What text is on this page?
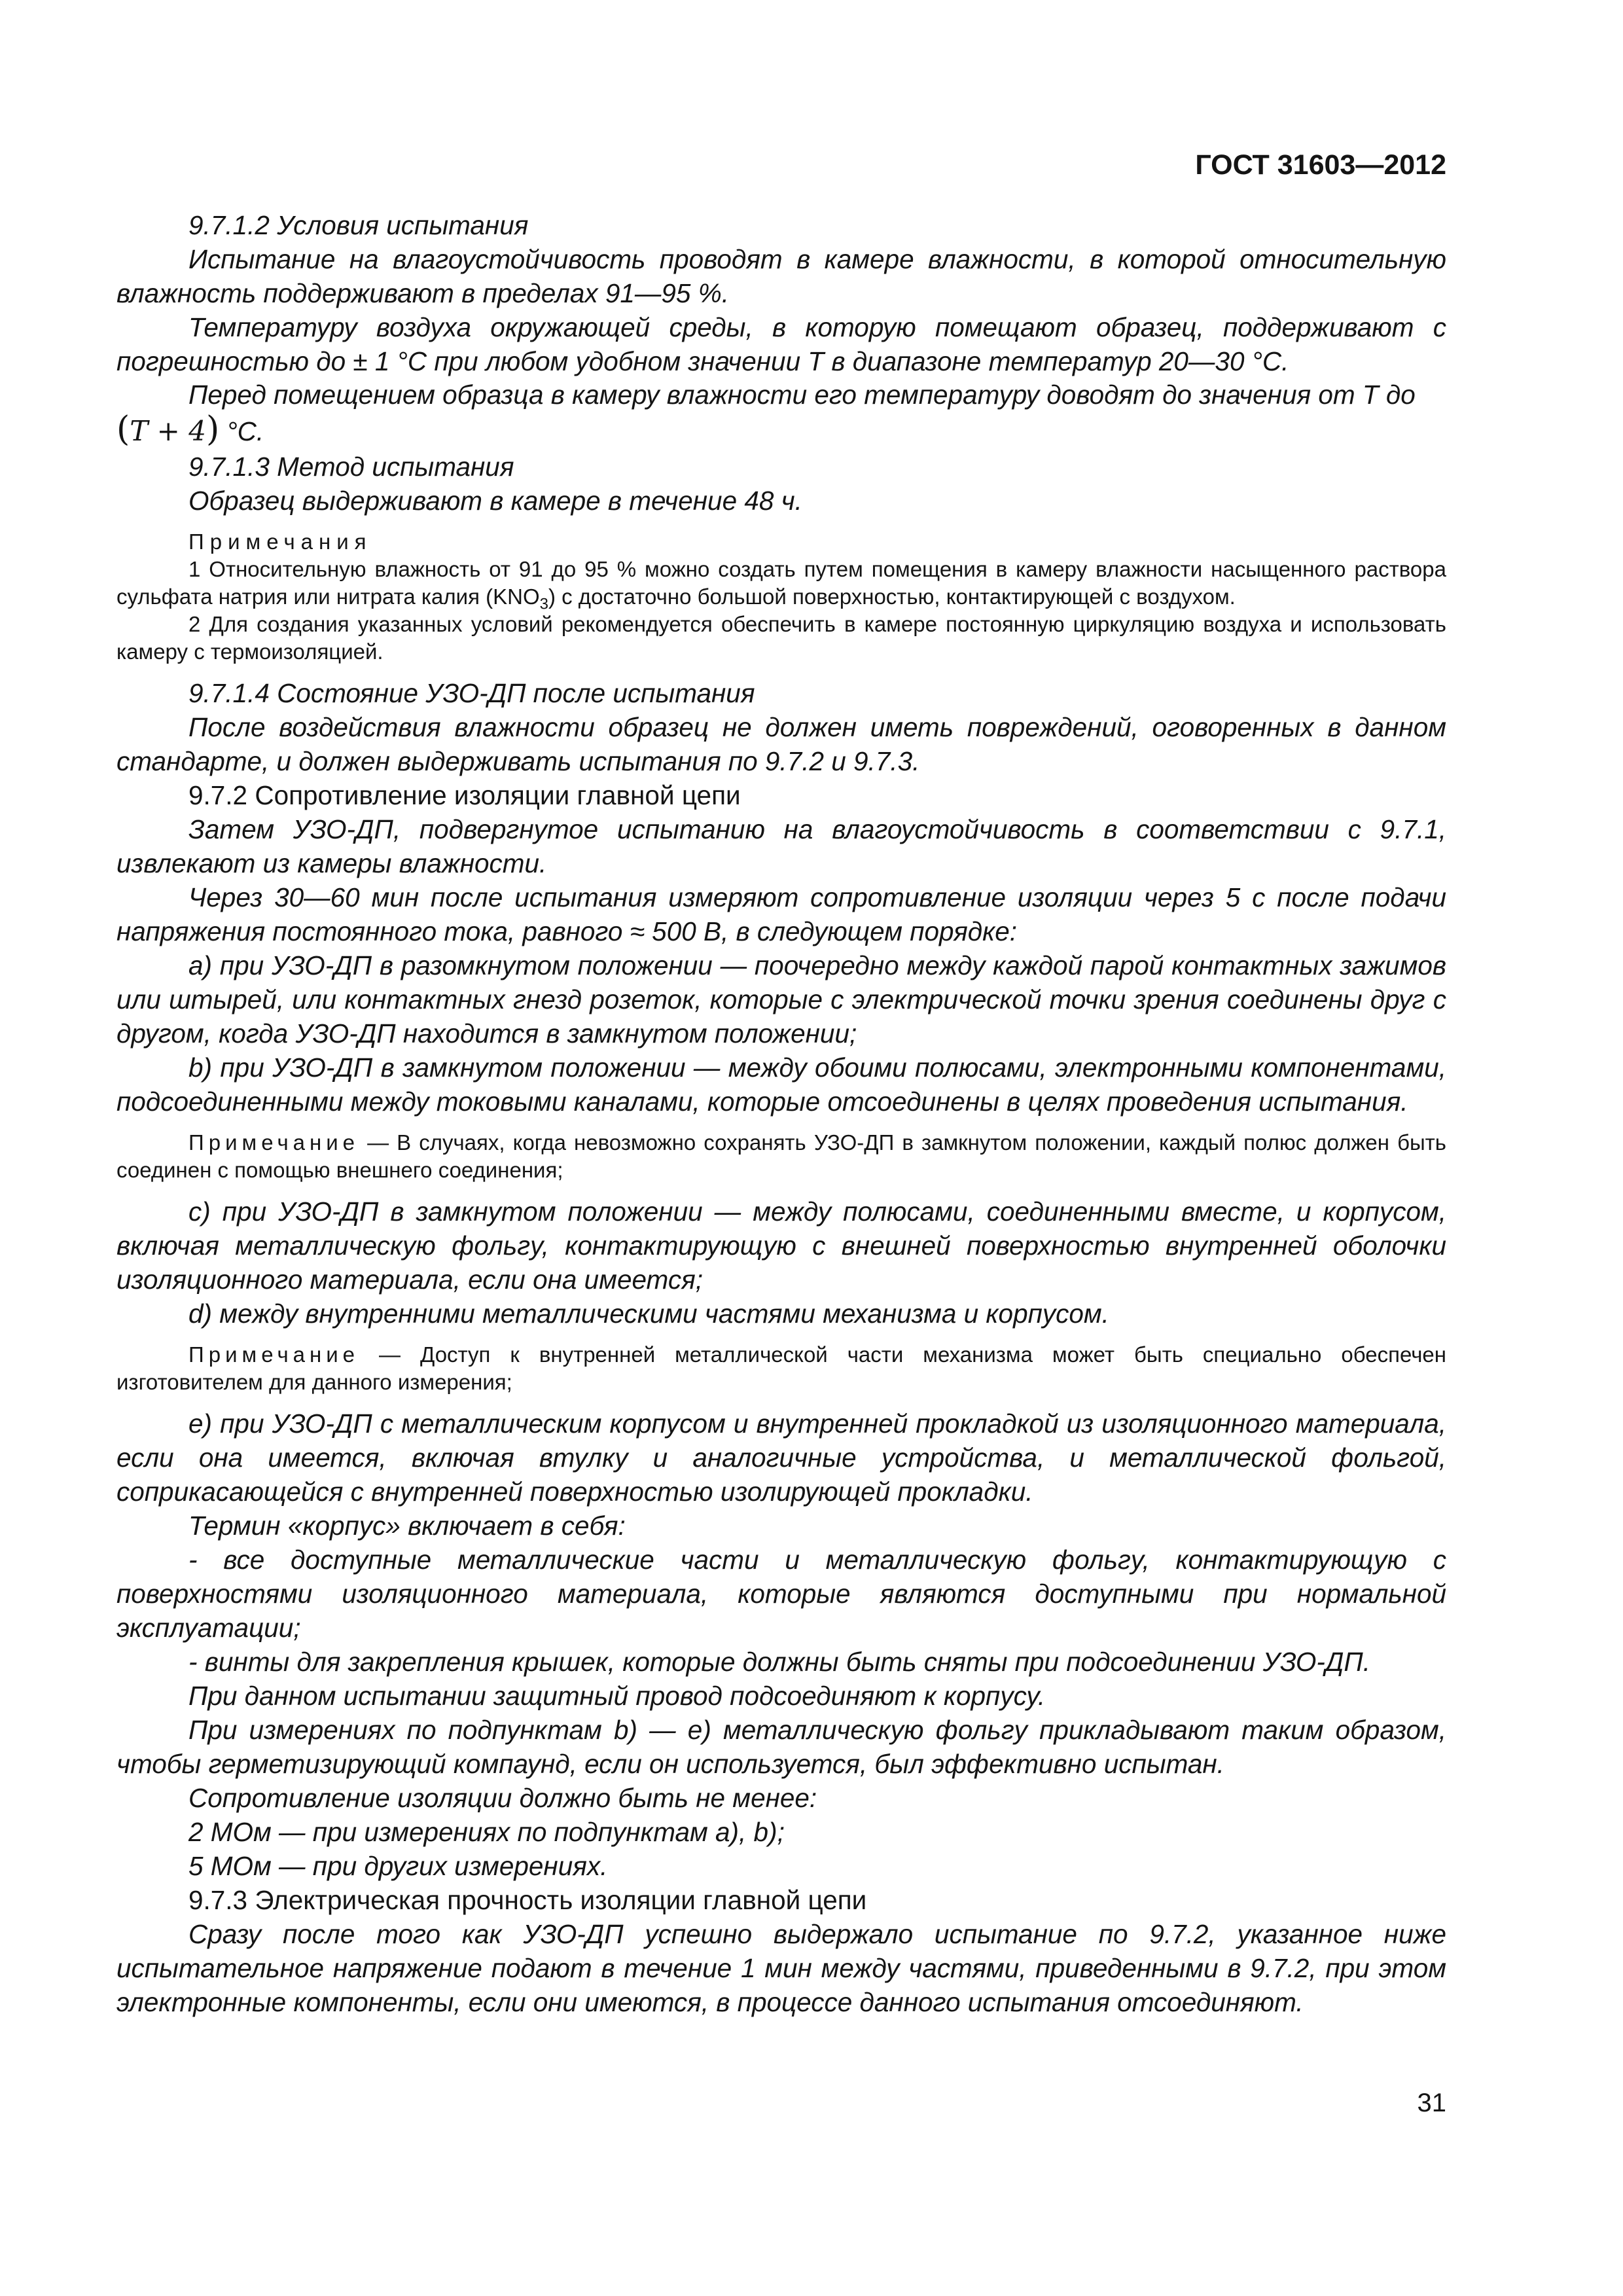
ГОСТ 31603—2012

9.7.1.2 Условия испытания

Испытание на влагоустойчивость проводят в камере влажности, в которой относительную влажность поддерживают в пределах 91—95 %.

Температуру воздуха окружающей среды, в которую помещают образец, поддерживают с погрешностью до ± 1 °С при любом удобном значении T в диапазоне температур 20—30 °С.

Перед помещением образца в камеру влажности его температуру доводят до значения от T до

(T + 4) °С.

9.7.1.3 Метод испытания

Образец выдерживают в камере в течение 48 ч.

Примечания

1 Относительную влажность от 91 до 95 % можно создать путем помещения в камеру влажности насыщенного раствора сульфата натрия или нитрата калия $(KNO_3)$ с достаточно большой поверхностью, контактирующей с воздухом.

2 Для создания указанных условий рекомендуется обеспечить в камере постоянную циркуляцию воздуха и использовать камеру с термоизоляцией.

9.7.1.4 Состояние УЗО-ДП после испытания

После воздействия влажности образец не должен иметь повреждений, оговоренных в данном стандарте, и должен выдерживать испытания по 9.7.2 и 9.7.3.

9.7.2 Сопротивление изоляции главной цепи

Затем УЗО-ДП, подвергнутое испытанию на влагоустойчивость в соответствии с 9.7.1, извлекают из камеры влажности.

Через 30—60 мин после испытания измеряют сопротивление изоляции через 5 с после подачи напряжения постоянного тока, равного ≈ 500 В, в следующем порядке:

a) при УЗО-ДП в разомкнутом положении — поочередно между каждой парой контактных зажимов или штырей, или контактных гнезд розеток, которые с электрической точки зрения соединены друг с другом, когда УЗО-ДП находится в замкнутом положении;

b) при УЗО-ДП в замкнутом положении — между обоими полюсами, электронными компонентами, подсоединенными между токовыми каналами, которые отсоединены в целях проведения испытания.

Примечание — В случаях, когда невозможно сохранять УЗО-ДП в замкнутом положении, каждый полюс должен быть соединен с помощью внешнего соединения;

c) при УЗО-ДП в замкнутом положении — между полюсами, соединенными вместе, и корпусом, включая металлическую фольгу, контактирующую с внешней поверхностью внутренней оболочки изоляционного материала, если она имеется;

d) между внутренними металлическими частями механизма и корпусом.

Примечание — Доступ к внутренней металлической части механизма может быть специально обеспечен изготовителем для данного измерения;

e) при УЗО-ДП с металлическим корпусом и внутренней прокладкой из изоляционного материала, если она имеется, включая втулку и аналогичные устройства, и металлической фольгой, соприкасающейся с внутренней поверхностью изолирующей прокладки.

Термин «корпус» включает в себя:

- все доступные металлические части и металлическую фольгу, контактирующую с поверхностями изоляционного материала, которые являются доступными при нормальной эксплуатации;

- винты для закрепления крышек, которые должны быть сняты при подсоединении УЗО-ДП.

При данном испытании защитный провод подсоединяют к корпусу.

При измерениях по подпунктам b) — e) металлическую фольгу прикладывают таким образом, чтобы герметизирующий компаунд, если он используется, был эффективно испытан.

Сопротивление изоляции должно быть не менее:

2 МОм — при измерениях по подпунктам a), b);

5 МОм — при других измерениях.

9.7.3 Электрическая прочность изоляции главной цепи

Сразу после того как УЗО-ДП успешно выдержало испытание по 9.7.2, указанное ниже испытательное напряжение подают в течение 1 мин между частями, приведенными в 9.7.2, при этом электронные компоненты, если они имеются, в процессе данного испытания отсоединяют.

31
